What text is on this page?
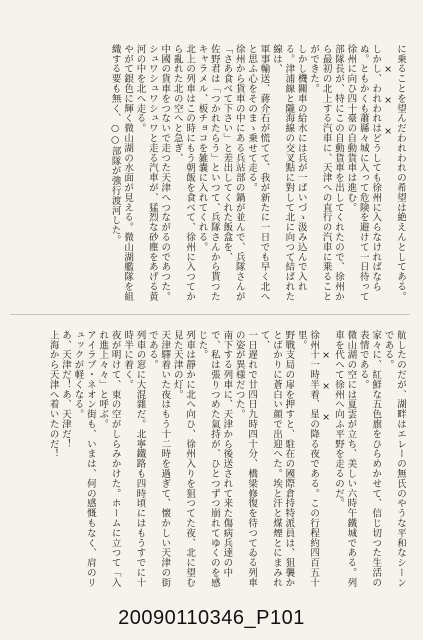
に乗ることを望んだわれわれの希望は絶えんとしてある。
　　×　　×　　×
しかし、われわれはどうしても徐州に入らなければならぬ。ともかくも蕭縣々城に入って危険を避けて一日待って徐州に向ひ四十臺の自動貨車は進む。
部隊長が、特にこの自動貨車を出してくれたので、徐州から最初の北上する汽車に、天津への直行の汽車に乗ることができた。
しかし機關車の給水には兵が一ぱいづゝ汲み込んで入れる。津浦線と隴海線の交叉點に對して北に向つて結ばれた線は、
軍事輸送、蔣介石が慌てて、我が新たに一日でも早く北へと思ふ心をそのまゝ乗せて走る。
徐州から貨車の中にある兵站部の鍋が並んで、兵隊さんが「さあ食べて下さい」と差出してくれた飯盒を、
佐野君は「つかれたらう」といつて、兵隊さんから貰つたキャラメル、板チョコを雑嚢に入れてくれる。
北上の列車はこの時にもう朝飯を食べて、徐州に入つてから亂れた北の空へと急ぎ、
中國の貨車をつないで走つた天津へつながるのであつた。
シュワシュワシュワと走る汽車が、猛烈な砂塵をあげる黄河の中を北へ走る。
やがて銀色に輝く微山湖の水面が見える。微山湖艦隊を組織する要も無く、○○部隊が強行渡河した。
航したのだが、湖畔はエレーの無氏のやうな平和なシーンである。
家々に、紅鮮な五色旗をひらめかせて、信じ切つた生活の表情である。
微山湖の空には夏雲が立ち、美しい六時午鐵城である。列車を代へて徐州へ向ふ平野を走るのだ。
　　×　　×　　×
徐州十一時半着、星の降る夜である。この行程約四百五十里。
野戰支局の扉を押すと、駐在の國際倉持特派員は、狙襲かとばかりに蒼白い顔で出迎へた。埃と汗と煤煙とにまみれて、
一日遅れで廿四日九時四十分、橋梁修復を待つてゐる列車の姿が異様だつた。
南下する列車に、天津から後送されて来た傷病兵達の中で、私は張りつめた氣持が、ひとつずつ崩れてゆくのを感じた。
列車は靜かに北へ向ひ、徐州入りを狙つてた夜、北に望む見た天津の灯。
天津驛着いた夜はもう十二時を過ぎて、懐かしい天津の街である。
列車の窓に大混雜だ。北寧鐵路も四時頃にはもうすでに十時半に着く。
夜が明けて、東の空がしらみかけた。ホームに立つて「入れ進上々々」と呼ぶ。
アイラブ・ネオン街も、いまは、何の感慨もなく、肩のリュックが軽くなる。
あ、天津だ！あ、天津だ！
上海から天津へ着いたのだ！
20090110346_P101
